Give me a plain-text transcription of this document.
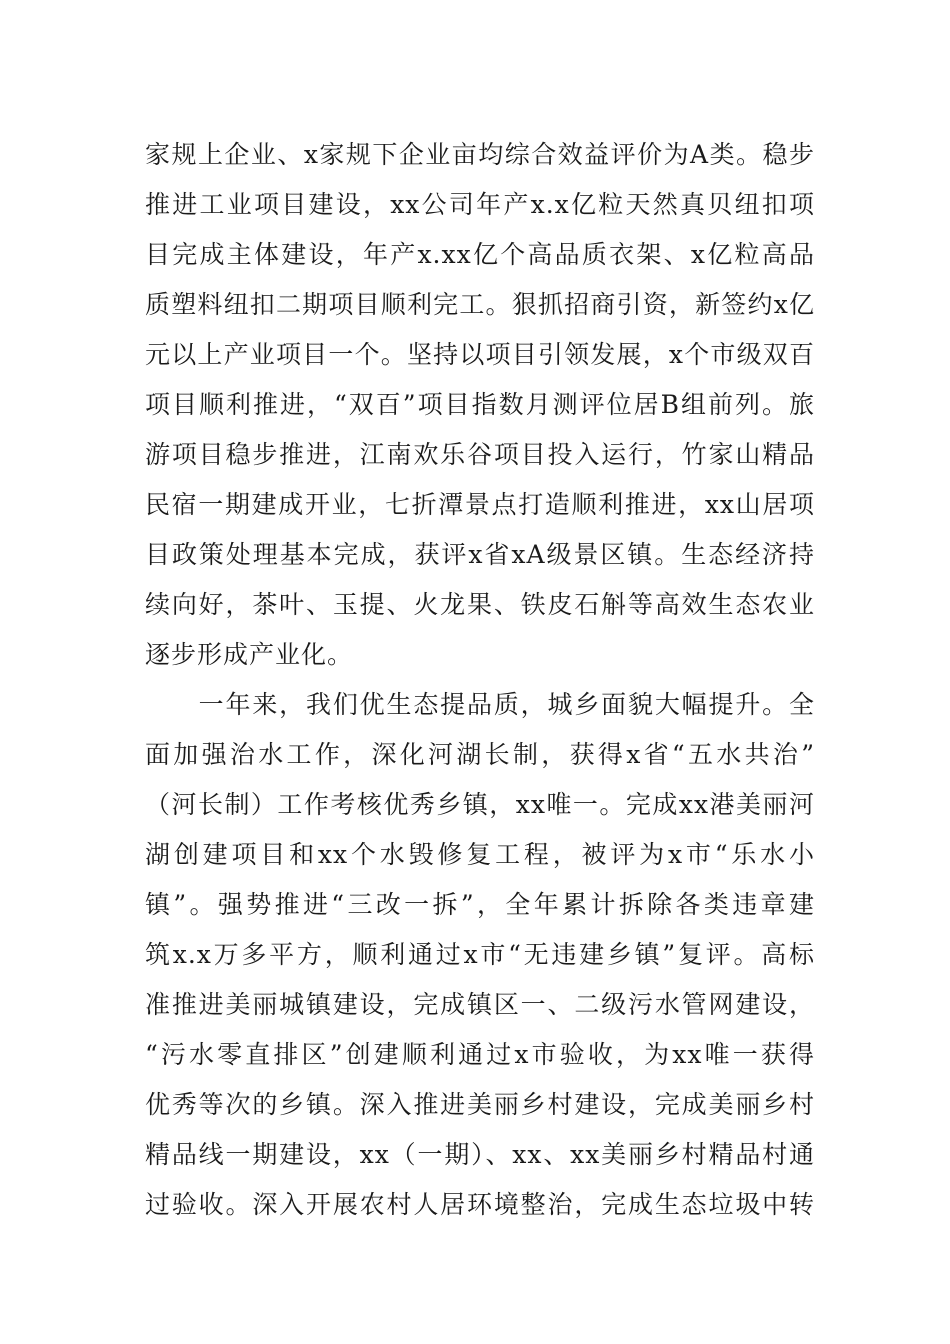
家规上企业、x家规下企业亩均综合效益评价为A类。稳步
推进工业项目建设，xx公司年产x.x亿粒天然真贝纽扣项
目完成主体建设，年产x.xx亿个高品质衣架、x亿粒高品
质塑料纽扣二期项目顺利完工。狠抓招商引资，新签约x亿
元以上产业项目一个。坚持以项目引领发展，x个市级双百
项目顺利推进，“双百”项目指数月测评位居B组前列。旅
游项目稳步推进，江南欢乐谷项目投入运行，竹家山精品
民宿一期建成开业，七折潭景点打造顺利推进，xx山居项
目政策处理基本完成，获评x省xA级景区镇。生态经济持
续向好，茶叶、玉提、火龙果、铁皮石斛等高效生态农业
逐步形成产业化。
　　一年来，我们优生态提品质，城乡面貌大幅提升。全
面加强治水工作，深化河湖长制，获得x省“五水共治”
（河长制）工作考核优秀乡镇，xx唯一。完成xx港美丽河
湖创建项目和xx个水毁修复工程，被评为x市“乐水小
镇”。强势推进“三改一拆”，全年累计拆除各类违章建
筑x.x万多平方，顺利通过x市“无违建乡镇”复评。高标
准推进美丽城镇建设，完成镇区一、二级污水管网建设，
“污水零直排区”创建顺利通过x市验收，为xx唯一获得
优秀等次的乡镇。深入推进美丽乡村建设，完成美丽乡村
精品线一期建设，xx（一期）、xx、xx美丽乡村精品村通
过验收。深入开展农村人居环境整治，完成生态垃圾中转
